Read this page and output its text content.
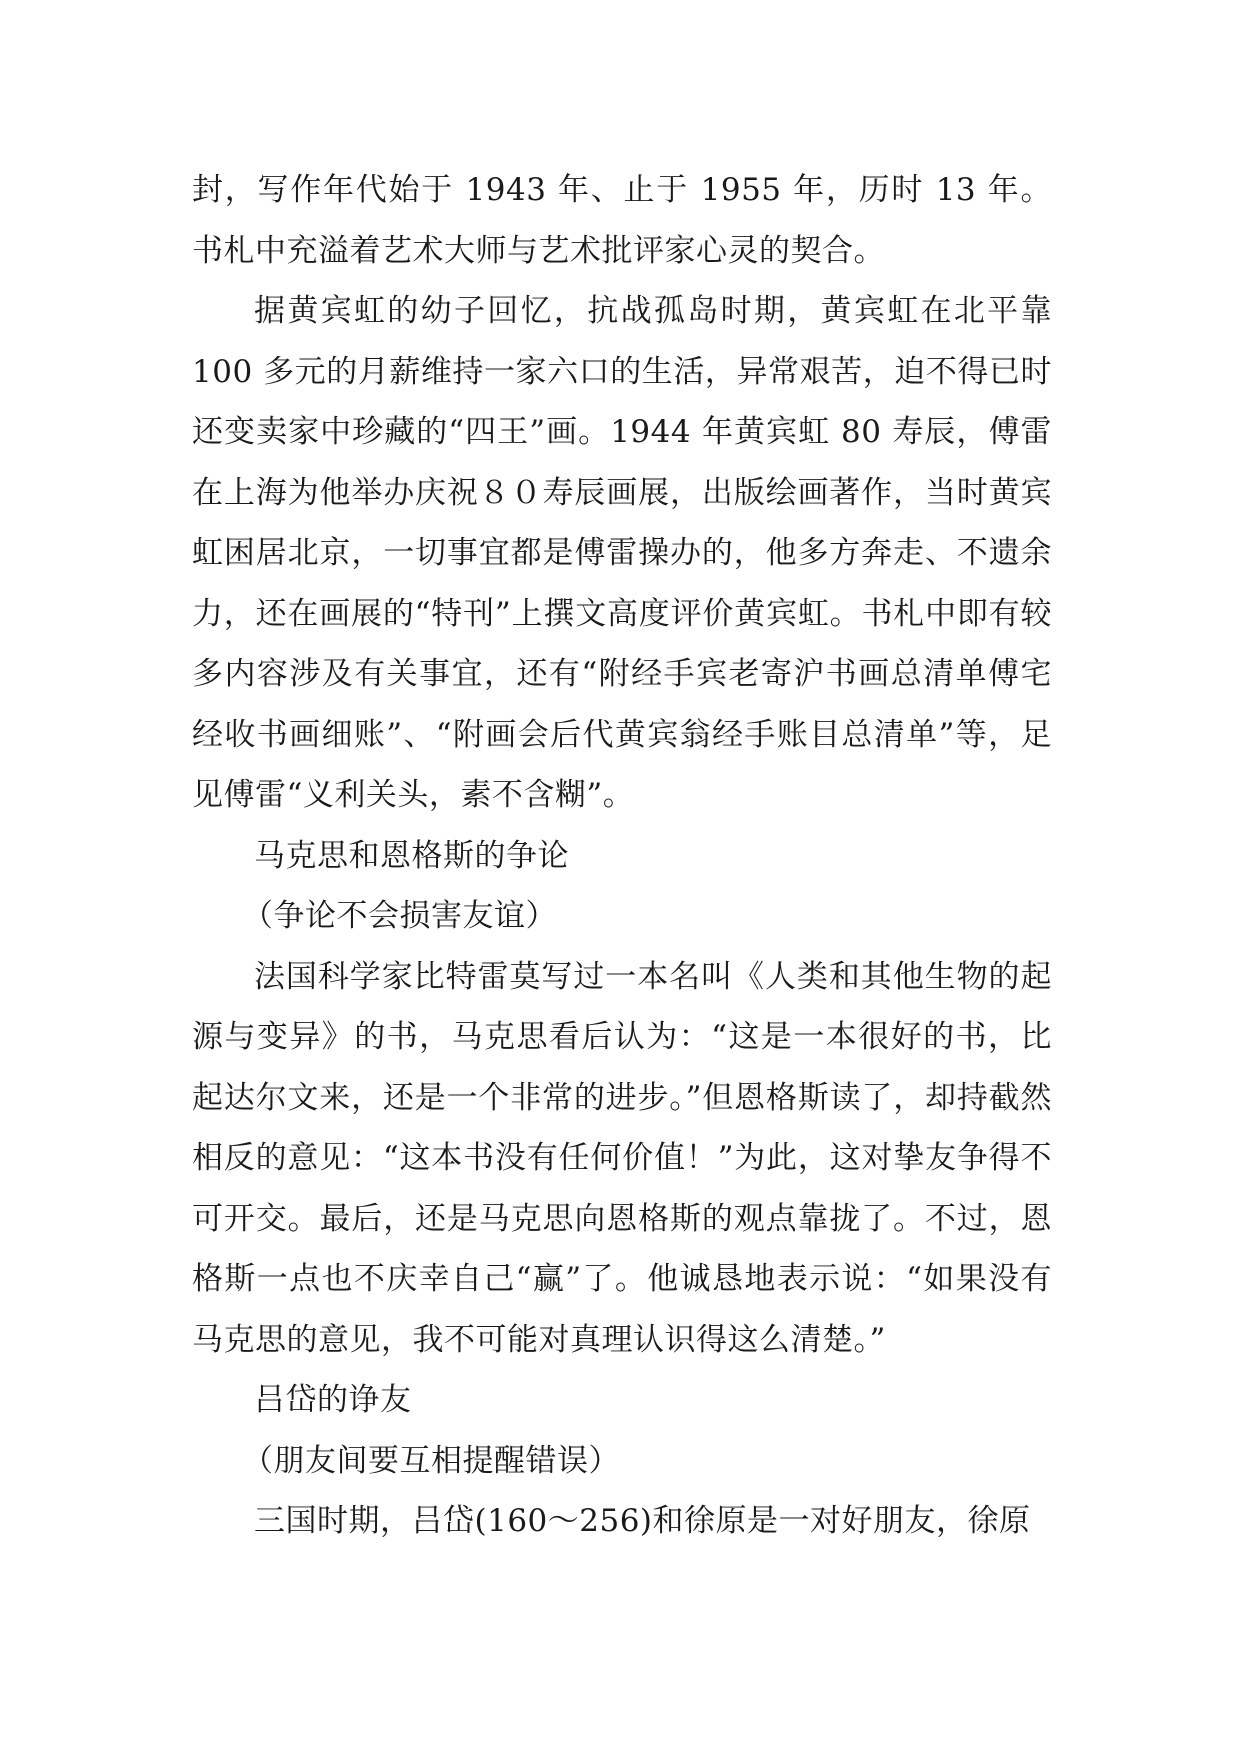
封，写作年代始于 1943 年、止于 1955 年，历时 13 年。书札中充溢着艺术大师与艺术批评家心灵的契合。

据黄宾虹的幼子回忆，抗战孤岛时期，黄宾虹在北平靠 100 多元的月薪维持一家六口的生活，异常艰苦，迫不得已时还变卖家中珍藏的“四王”画。1944 年黄宾虹 80 寿辰，傅雷在上海为他举办庆祝８０寿辰画展，出版绘画著作，当时黄宾虹困居北京，一切事宜都是傅雷操办的，他多方奔走、不遗余力，还在画展的“特刊”上撰文高度评价黄宾虹。书札中即有较多内容涉及有关事宜，还有“附经手宾老寄沪书画总清单傅宅经收书画细账”、“附画会后代黄宾翁经手账目总清单”等，足见傅雷“义利关头，素不含糊”。

马克思和恩格斯的争论

（争论不会损害友谊）

法国科学家比特雷莫写过一本名叫《人类和其他生物的起源与变异》的书，马克思看后认为：“这是一本很好的书，比起达尔文来，还是一个非常的进步。”但恩格斯读了，却持截然相反的意见：“这本书没有任何价值！”为此，这对挚友争得不可开交。最后，还是马克思向恩格斯的观点靠拢了。不过，恩格斯一点也不庆幸自己“赢”了。他诚恳地表示说：“如果没有马克思的意见，我不可能对真理认识得这么清楚。”

吕岱的诤友

（朋友间要互相提醒错误）

三国时期，吕岱(160～256)和徐原是一对好朋友，徐原
